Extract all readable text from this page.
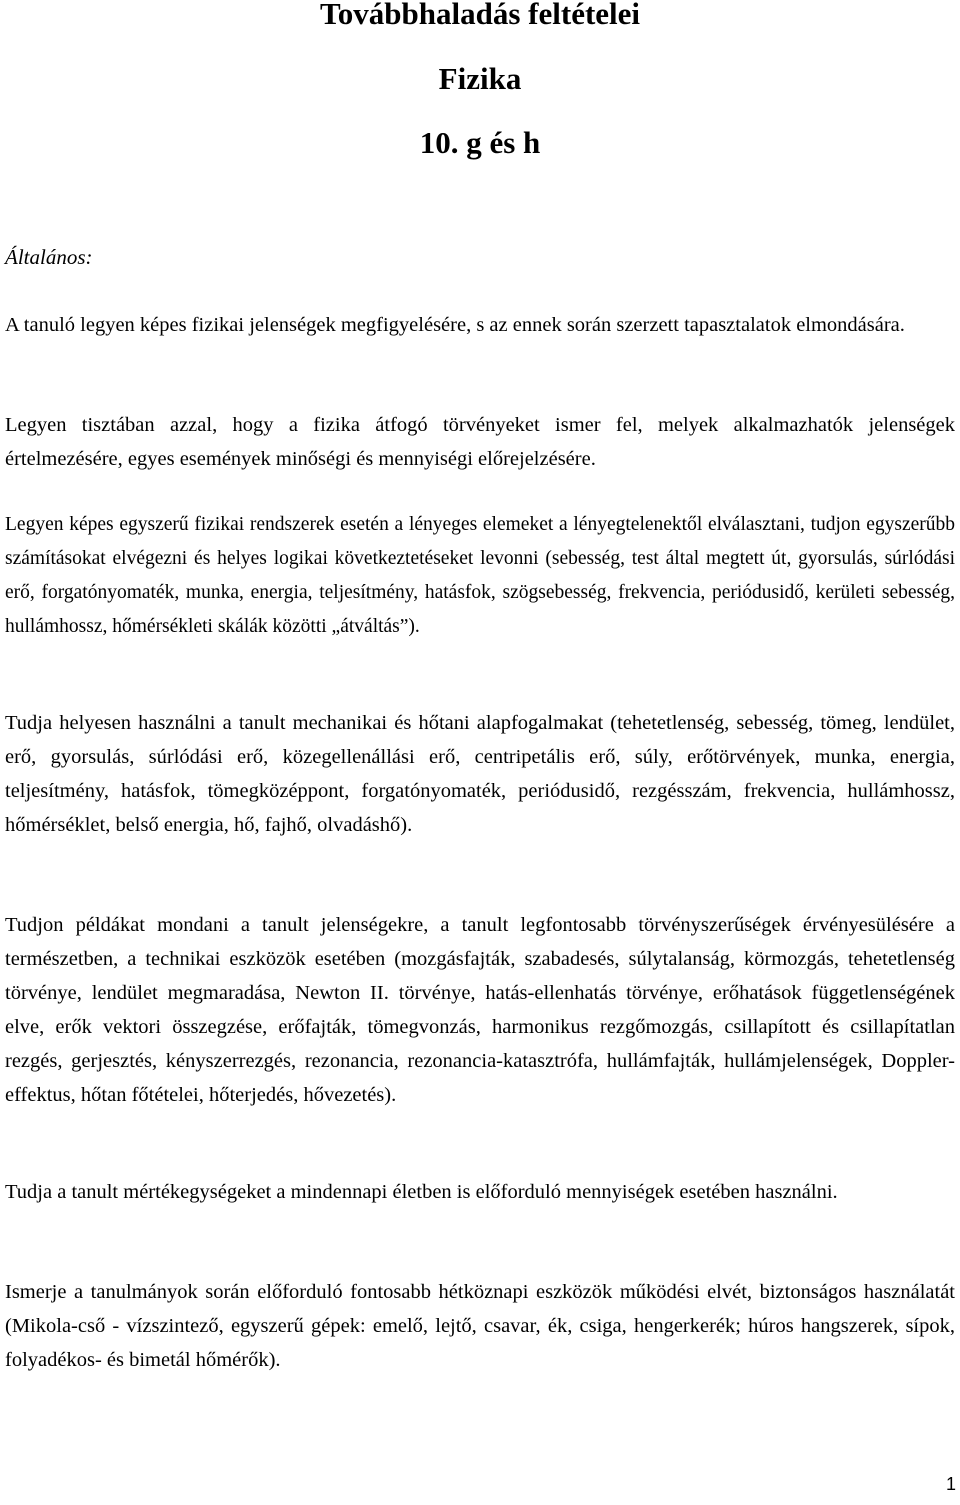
Továbbhaladás feltételei
Fizika
10. g és h
Általános:

A tanuló legyen képes fizikai jelenségek megfigyelésére, s az ennek során szerzett tapasztalatok elmondására.

Legyen tisztában azzal, hogy a fizika átfogó törvényeket ismer fel, melyek alkalmazhatók jelenségek értelmezésére, egyes események minőségi és mennyiségi előrejelzésére.

Legyen képes egyszerű fizikai rendszerek esetén a lényeges elemeket a lényegtelenektől elválasztani, tudjon egyszerűbb számításokat elvégezni és helyes logikai következtetéseket levonni (sebesség, test által megtett út, gyorsulás, súrlódási erő, forgatónyomaték, munka, energia, teljesítmény, hatásfok, szögsebesség, frekvencia, periódusidő, kerületi sebesség, hullámhossz, hőmérsékleti skálák közötti „átváltás”).

Tudja helyesen használni a tanult mechanikai és hőtani alapfogalmakat (tehetetlenség, sebesség, tömeg, lendület, erő, gyorsulás, súrlódási erő, közegellenállási erő, centripetális erő, súly, erőtörvények, munka, energia, teljesítmény, hatásfok, tömegközéppont, forgatónyomaték, periódusidő, rezgésszám, frekvencia, hullámhossz, hőmérséklet, belső energia, hő, fajhő, olvadáshő).

Tudjon példákat mondani a tanult jelenségekre, a tanult legfontosabb törvényszerűségek érvényesülésére a természetben, a technikai eszközök esetében (mozgásfajták, szabadesés, súlytalanság, körmozgás, tehetetlenség törvénye, lendület megmaradása, Newton II. törvénye, hatás-ellenhatás törvénye, erőhatások függetlenségének elve, erők vektori összegzése, erőfajták, tömegvonzás, harmonikus rezgőmozgás, csillapított és csillapítatlan rezgés, gerjesztés, kényszerrezgés, rezonancia, rezonancia-katasztrófa, hullámfajták, hullámjelenségek, Doppler-effektus, hőtan főtételei, hőterjedés, hővezetés).

Tudja a tanult mértékegységeket a mindennapi életben is előforduló mennyiségek esetében használni.

Ismerje a tanulmányok során előforduló fontosabb hétköznapi eszközök működési elvét, biztonságos használatát (Mikola-cső - vízszintező, egyszerű gépek: emelő, lejtő, csavar, ék, csiga, hengerkerék; húros hangszerek, sípok, folyadékos- és bimetál hőmérők).

1
